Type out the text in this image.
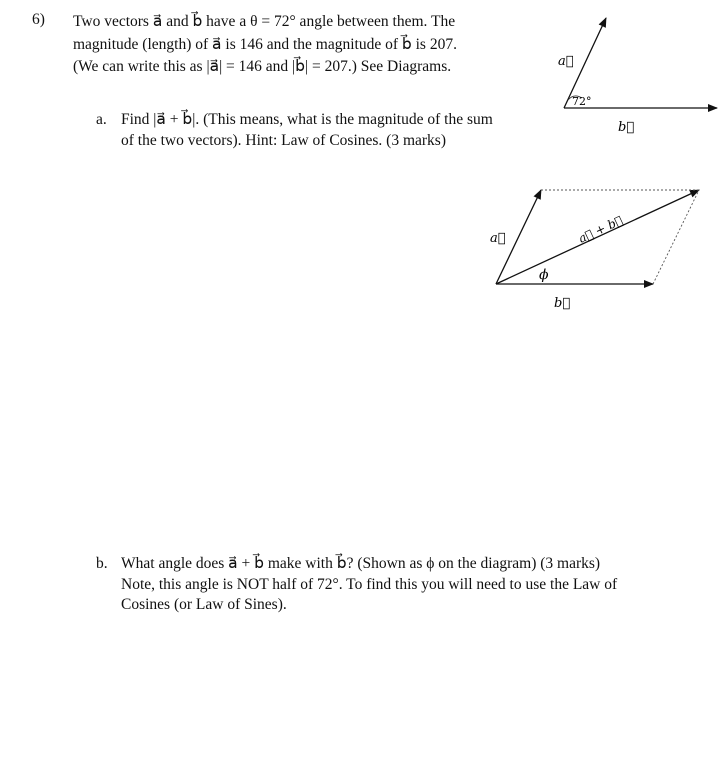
6) Two vectors a⃗ and b⃗ have a θ = 72° angle between them. The
magnitude (length) of a⃗ is 146 and the magnitude of b⃗ is 207.
(We can write this as |a⃗| = 146 and |b⃗| = 207.) See Diagrams.
a. Find |a⃗ + b⃗|. (This means, what is the magnitude of the sum
of the two vectors). Hint: Law of Cosines. (3 marks)
b. What angle does a⃗ + b⃗ make with b⃗? (Shown as ϕ on the diagram) (3 marks)
Note, this angle is NOT half of 72°. To find this you will need to use the Law of
Cosines (or Law of Sines).
a⃗
72°
b⃗
a⃗
ϕ
b⃗
a⃗ + b⃗
